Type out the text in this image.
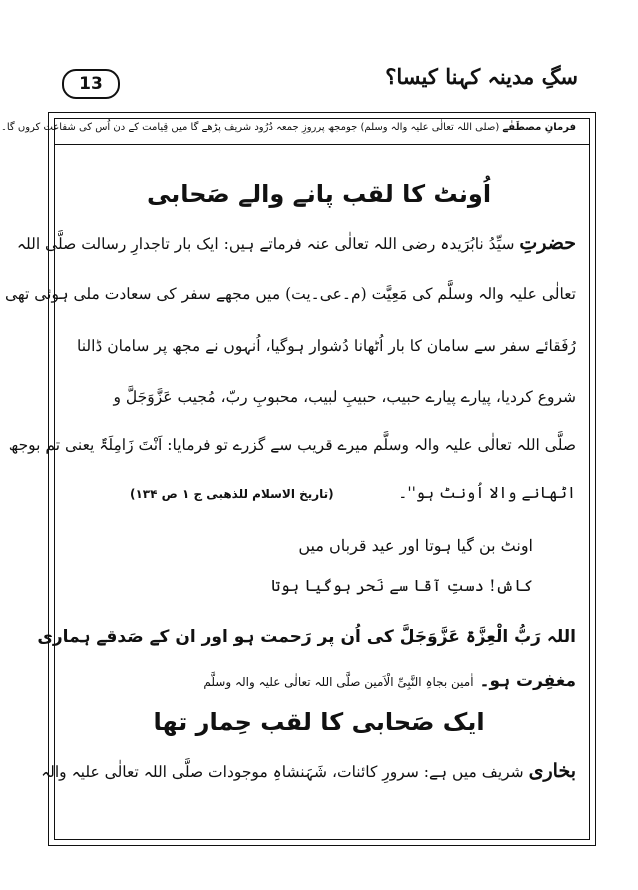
13	سگِ مدینہ کہنا کیسا؟
فرمانِ مصطَفٰے (صلی اللہ تعالٰی علیہ والہ وسلم) جومجھ پرروزِ جمعہ دُرُود شریف پڑھے گا میں قِیامت کے دن اُس کی شفاعت کروں گا۔
اُونٹ کا لقب پانے والے صَحابی
حضرتِ سیِّدُ نابُرَیدہ رضی اللہ تعالٰی عنہ فرماتے ہیں: ایک بار تاجدارِ رسالت صلَّی اللہ
تعالٰی علیہ والہ وسلَّم کی مَعِیَّت (م۔عی۔یت) میں مجھے سفر کی سعادت ملی ہوئی تھی
رُفَقائے سفر سے سامان کا بار اُٹھانا دُشوار ہوگیا، اُنہوں نے مجھ پر سامان ڈالنا
شروع کردیا، پیارے پیارے حبیب، حبیبِ لبیب، محبوبِ ربّ، مُجیب عَزَّوَجَلَّ و
صلَّی اللہ تعالٰی علیہ والہ وسلَّم میرے قریب سے گزرے تو فرمایا: اَنْتَ زَامِلَۃٌ یعنی تم بوجھ
اٹھانے والا اُونٹ ہو''۔
(تاریخ الاسلام للذھبی ج ۱ ص ۱۳۴)
اونٹ بن گیا ہوتا اور عید قرباں میں
کاش! دستِ آقا سے نَحر ہوگیا ہوتا
اللہ رَبُّ الْعِزَّۃ عَزَّوَجَلَّ کی اُن پر رَحمت ہو اور ان کے صَدقے ہماری
مغفِرت ہو۔ اٰمین بجاہِ النَّبِیِّ الْاَمین صلَّی اللہ تعالٰی علیہ والہ وسلَّم
ایک صَحابی کا لقب حِمار تھا
بخاری شریف میں ہے: سرورِ کائنات، شَہَنشاہِ موجودات صلَّی اللہ تعالٰی علیہ والہ
